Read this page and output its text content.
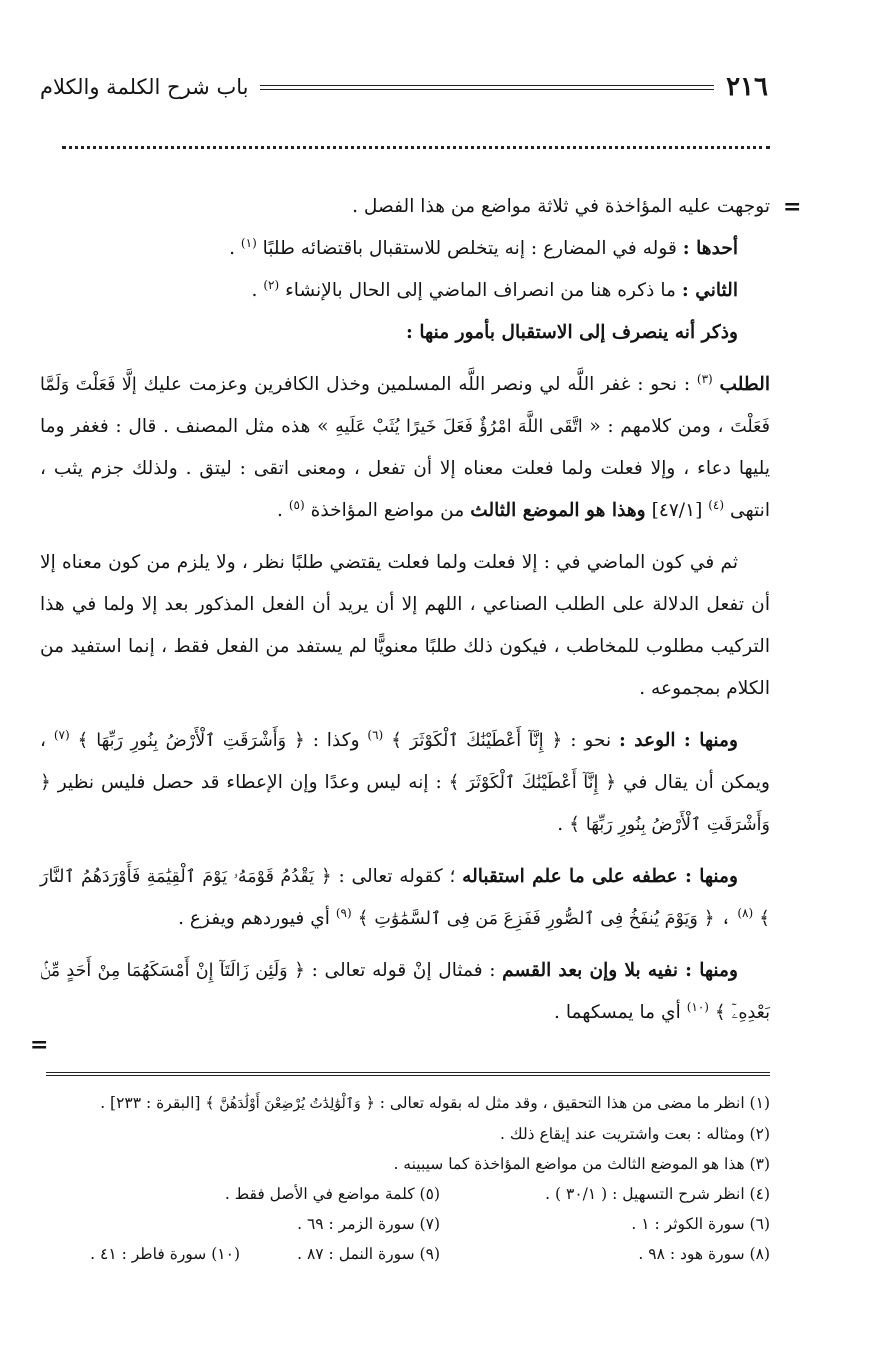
٢١٦
باب شرح الكلمة والكلام
=
=

توجهت عليه المؤاخذة في ثلاثة مواضع من هذا الفصل .

أحدها : قوله في المضارع : إنه يتخلص للاستقبال باقتضائه طلبًا $^{(١)}$ .

الثاني : ما ذكره هنا من انصراف الماضي إلى الحال بالإنشاء $^{(٢)}$ .

وذكر أنه ينصرف إلى الاستقبال بأمور منها :

الطلب $^{(٣)}$ : نحو : غفر اللَّه لي ونصر اللَّه المسلمين وخذل الكافرين وعزمت عليك إلَّا فَعَلْتَ وَلَمَّا فَعَلْتَ ، ومن كلامهم : « اتَّقَى اللَّهَ امْرُؤٌ فَعَلَ خَيرًا يُثَبْ عَلَيهِ » هذه مثل المصنف . قال : فغفر وما يليها دعاء ، وإلا فعلت ولما فعلت معناه إلا أن تفعل ، ومعنى اتقى : ليتق . ولذلك جزم يثب ، انتهى $^{(٤)}$ [٤٧/١] وهذا هو الموضع الثالث من مواضع المؤاخذة $^{(٥)}$ .

ثم في كون الماضي في : إلا فعلت ولما فعلت يقتضي طلبًا نظر ، ولا يلزم من كون معناه إلا أن تفعل الدلالة على الطلب الصناعي ، اللهم إلا أن يريد أن الفعل المذكور بعد إلا ولما في هذا التركيب مطلوب للمخاطب ، فيكون ذلك طلبًا معنويًّا لم يستفد من الفعل فقط ، إنما استفيد من الكلام بمجموعه .

ومنها : الوعد : نحو : ﴿ إِنَّآ أَعْطَيْنَٰكَ ٱلْكَوْثَرَ ﴾ $^{(٦)}$ وكذا : ﴿ وَأَشْرَقَتِ ٱلْأَرْضُ بِنُورِ رَبِّهَا ﴾ $^{(٧)}$ ، ويمكن أن يقال في ﴿ إِنَّآ أَعْطَيْنَٰكَ ٱلْكَوْثَرَ ﴾ : إنه ليس وعدًا وإن الإعطاء قد حصل فليس نظير ﴿ وَأَشْرَقَتِ ٱلْأَرْضُ بِنُورِ رَبِّهَا ﴾ .

ومنها : عطفه على ما علم استقباله ؛ كقوله تعالى : ﴿ يَقْدُمُ قَوْمَهُۥ يَوْمَ ٱلْقِيَٰمَةِ فَأَوْرَدَهُمُ ٱلنَّارَ ﴾ $^{(٨)}$ ، ﴿ وَيَوْمَ يُنفَخُ فِى ٱلصُّورِ فَفَزِعَ مَن فِى ٱلسَّمَٰوَٰتِ ﴾ $^{(٩)}$ أي فيوردهم ويفزع .

ومنها : نفيه بلا وإن بعد القسم : فمثال إنْ قوله تعالى : ﴿ وَلَئِن زَالَتَآ إِنْ أَمْسَكَهُمَا مِنْ أَحَدٍ مِّنۢ بَعْدِهِۦٓ ﴾ $^{(١٠)}$ أي ما يمسكهما .

(١) انظر ما مضى من هذا التحقيق ، وقد مثل له بقوله تعالى : ﴿ وَٱلْوَٰلِدَٰتُ يُرْضِعْنَ أَوْلَٰدَهُنَّ ﴾ [البقرة : ٢٣٣] .
(٢) ومثاله : بعت واشتريت عند إيقاع ذلك .
(٣) هذا هو الموضع الثالث من مواضع المؤاخذة كما سيبينه .
(٤) انظر شرح التسهيل : ( ٣٠/١ ) .
(٥) كلمة مواضع في الأصل فقط .
(٦) سورة الكوثر : ١ .
(٧) سورة الزمر : ٦٩ .
(٨) سورة هود : ٩٨ .
(٩) سورة النمل : ٨٧ .
(١٠) سورة فاطر : ٤١ .
